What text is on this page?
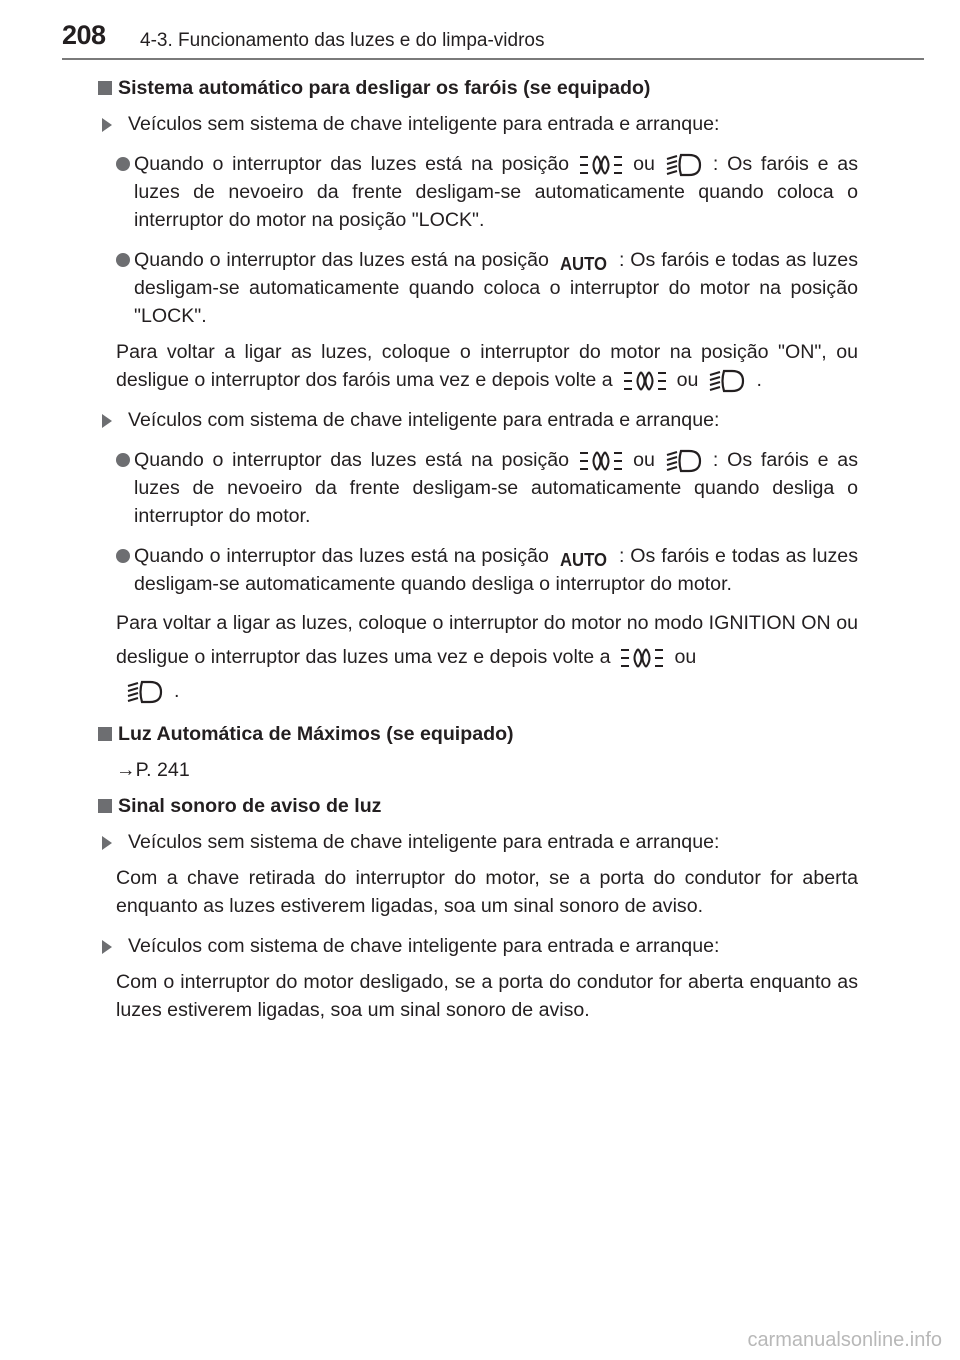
208 4-3. Funcionamento das luzes e do limpa-vidros

Sistema automático para desligar os faróis (se equipado)

Veículos sem sistema de chave inteligente para entrada e arranque:

Quando o interruptor das luzes está na posição	ou	: Os faróis e as luzes de nevoeiro da frente desligam-se automaticamente quando coloca o interruptor do motor na posição "LOCK".

Quando o interruptor das luzes está na posição AUTO : Os faróis e todas as luzes desligam-se automaticamente quando coloca o interruptor do motor na posição "LOCK".

Para voltar a ligar as luzes, coloque o interruptor do motor na posição "ON", ou desligue o interruptor dos faróis uma vez e depois volte a	ou	.

Veículos com sistema de chave inteligente para entrada e arranque:

Quando o interruptor das luzes está na posição	ou	: Os faróis e as luzes de nevoeiro da frente desligam-se automaticamente quando desliga o interruptor do motor.

Quando o interruptor das luzes está na posição AUTO : Os faróis e todas as luzes desligam-se automaticamente quando desliga o interruptor do motor.

Para voltar a ligar as luzes, coloque o interruptor do motor no modo IGNITION ON ou desligue o interruptor das luzes uma vez e depois volte a	ou
.

Luz Automática de Máximos (se equipado)

→P. 241

Sinal sonoro de aviso de luz

Veículos sem sistema de chave inteligente para entrada e arranque:

Com a chave retirada do interruptor do motor, se a porta do condutor for aberta enquanto as luzes estiverem ligadas, soa um sinal sonoro de aviso.

Veículos com sistema de chave inteligente para entrada e arranque:

Com o interruptor do motor desligado, se a porta do condutor for aberta enquanto as luzes estiverem ligadas, soa um sinal sonoro de aviso.

carmanualsonline.info
